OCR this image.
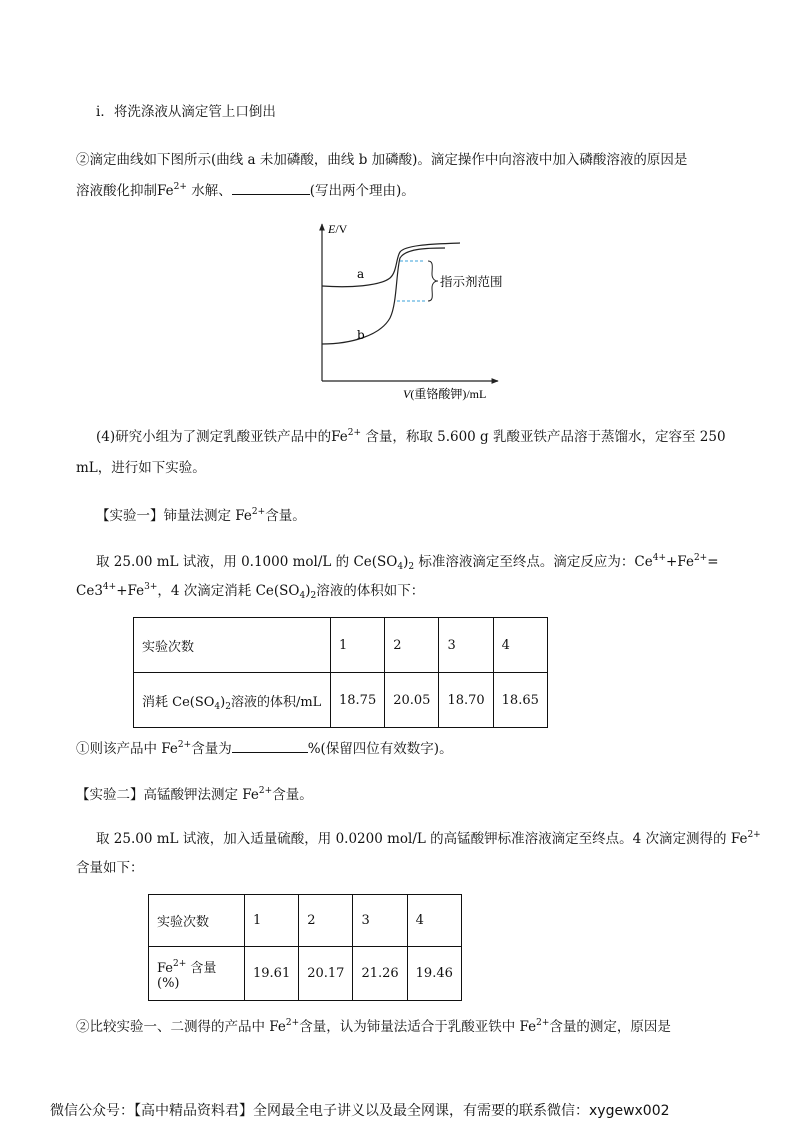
i．将洗涤液从滴定管上口倒出
②滴定曲线如下图所示(曲线 a 未加磷酸，曲线 b 加磷酸)。滴定操作中向溶液中加入磷酸溶液的原因是
溶液酸化抑制$Fe^{2+}$ 水解、	(写出两个理由)。
E/V
指示剂范围
a
b
V(重铬酸钾)/mL
(4)研究小组为了测定乳酸亚铁产品中的$Fe^{2+}$ 含量，称取 5.600 g 乳酸亚铁产品溶于蒸馏水，定容至 250
mL，进行如下实验。
【实验一】铈量法测定 $Fe^{2+}$含量。
取 25.00 mL 试液，用 0.1000 mol/L 的 $Ce(SO_4)_2$ 标准溶液滴定至终点。滴定反应为：$Ce^{4+}+Fe^{2+}=$
$Ce3^{4+}+Fe^{3+}$，4 次滴定消耗 $Ce(SO_4)_2$溶液的体积如下：
实验次数	1	2	3	4
消耗 $Ce(SO_4)_2$溶液的体积/mL	18.75	20.05	18.70	18.65
①则该产品中 $Fe^{2+}$含量为	%(保留四位有效数字)。
【实验二】高锰酸钾法测定 $Fe^{2+}$含量。
取 25.00 mL 试液，加入适量硫酸，用 0.0200 mol/L 的高锰酸钾标准溶液滴定至终点。4 次滴定测得的 $Fe^{2+}$
含量如下：
实验次数	1	2	3	4
$Fe^{2+}$ 含量(%)	19.61	20.17	21.26	19.46
②比较实验一、二测得的产品中 $Fe^{2+}$含量，认为铈量法适合于乳酸亚铁中 $Fe^{2+}$含量的测定，原因是
微信公众号：【高中精品资料君】全网最全电子讲义以及最全网课，有需要的联系微信：xygewx002
